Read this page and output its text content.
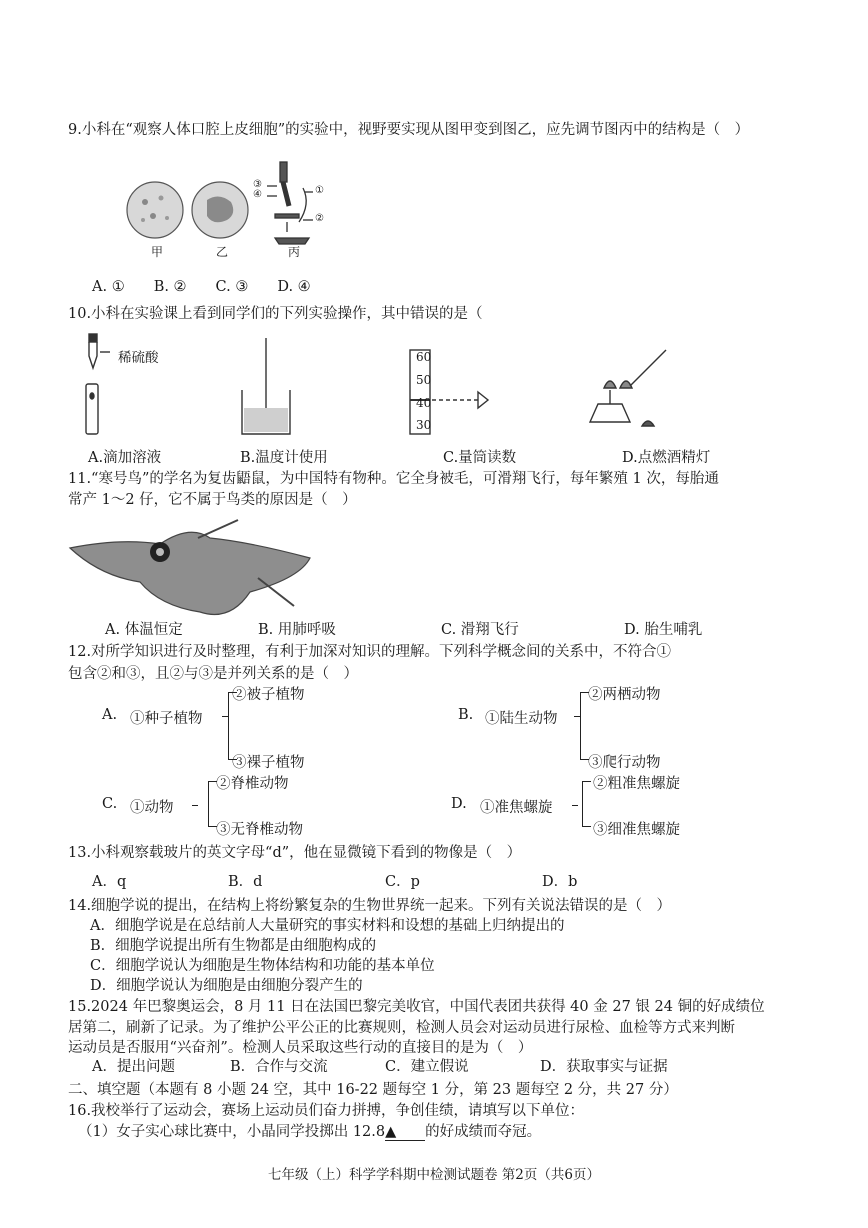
9.小科在“观察人体口腔上皮细胞”的实验中，视野要实现从图甲变到图乙，应先调节图丙中的结构是（　）
③
④	①
②
甲	乙	丙
A. ①　　B. ②　　C. ③　　D. ④
10.小科在实验课上看到同学们的下列实验操作，其中错误的是（
稀硫酸	60
50
40
30
A.滴加溶液	B.温度计使用	C.量筒读数	D.点燃酒精灯
11.“寒号鸟”的学名为复齿鼯鼠，为中国特有物种。它全身被毛，可滑翔飞行，每年繁殖 1 次，每胎通
常产 1～2 仔，它不属于鸟类的原因是（　）
A. 体温恒定	B. 用肺呼吸	C. 滑翔飞行	D. 胎生哺乳
12.对所学知识进行及时整理，有利于加深对知识的理解。下列科学概念间的关系中，不符合①
包含②和③，且②与③是并列关系的是（　）
A. ①种子植物
②被子植物
③裸子植物
B. ①陆生动物
②两栖动物
③爬行动物
C. ①动物
②脊椎动物
③无脊椎动物
D. ①准焦螺旋
②粗准焦螺旋
③细准焦螺旋
13.小科观察载玻片的英文字母“d”，他在显微镜下看到的物像是（　）
A．q	B．d	C．p	D．b
14.细胞学说的提出，在结构上将纷繁复杂的生物世界统一起来。下列有关说法错误的是（　）
A．细胞学说是在总结前人大量研究的事实材料和设想的基础上归纳提出的
B．细胞学说提出所有生物都是由细胞构成的
C．细胞学说认为细胞是生物体结构和功能的基本单位
D．细胞学说认为细胞是由细胞分裂产生的
15.2024 年巴黎奥运会，8 月 11 日在法国巴黎完美收官，中国代表团共获得 40 金 27 银 24 铜的好成绩位
居第二，刷新了记录。为了维护公平公正的比赛规则，检测人员会对运动员进行尿检、血检等方式来判断
运动员是否服用“兴奋剂”。检测人员采取这些行动的直接目的是为（　）
A．提出问题	B．合作与交流	C．建立假说	D．获取事实与证据
二、填空题（本题有 8 小题 24 空，其中 16-22 题每空 1 分，第 23 题每空 2 分，共 27 分）
16.我校举行了运动会，赛场上运动员们奋力拼搏，争创佳绩，请填写以下单位：
（1）女子实心球比赛中，小晶同学投掷出 12.8▲ 的好成绩而夺冠。
七年级（上）科学学科期中检测试题卷 第2页（共6页）
